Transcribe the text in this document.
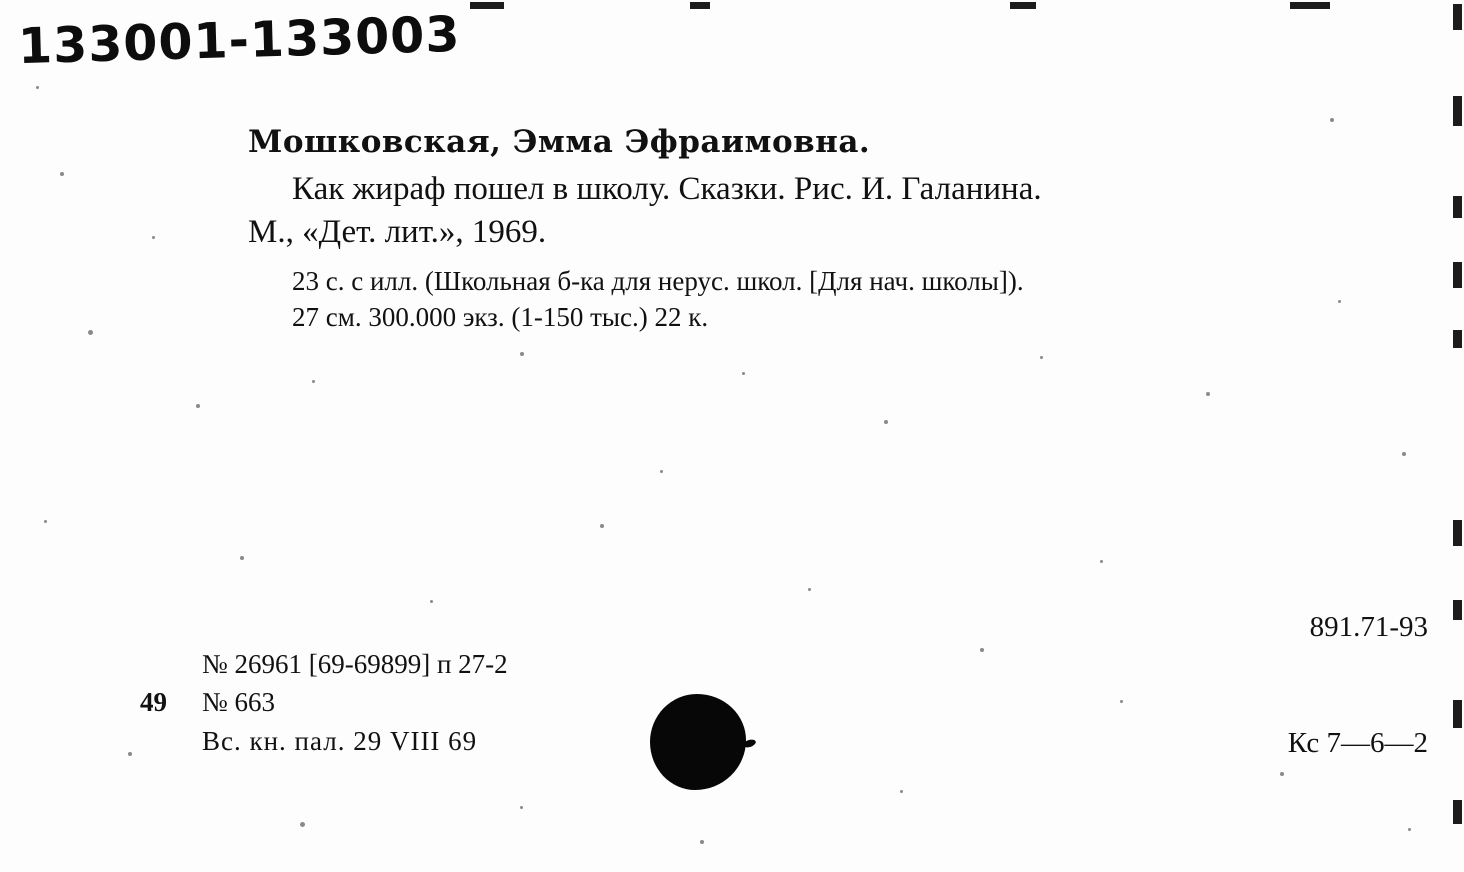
133001-133003
Мошковская, Эмма Эфраимовна.
Как жираф пошел в школу. Сказки. Рис. И. Галанина.
М., «Дет. лит.», 1969.
23 с. с илл. (Школьная б-ка для нерус. школ. [Для нач. школы]).
27 см. 300.000 экз. (1-150 тыс.) 22 к.
891.71-93
№ 26961 [69-69899] п 27-2
49 № 663
Вс. кн. пал. 29 VIII 69	Кс 7—6—2
